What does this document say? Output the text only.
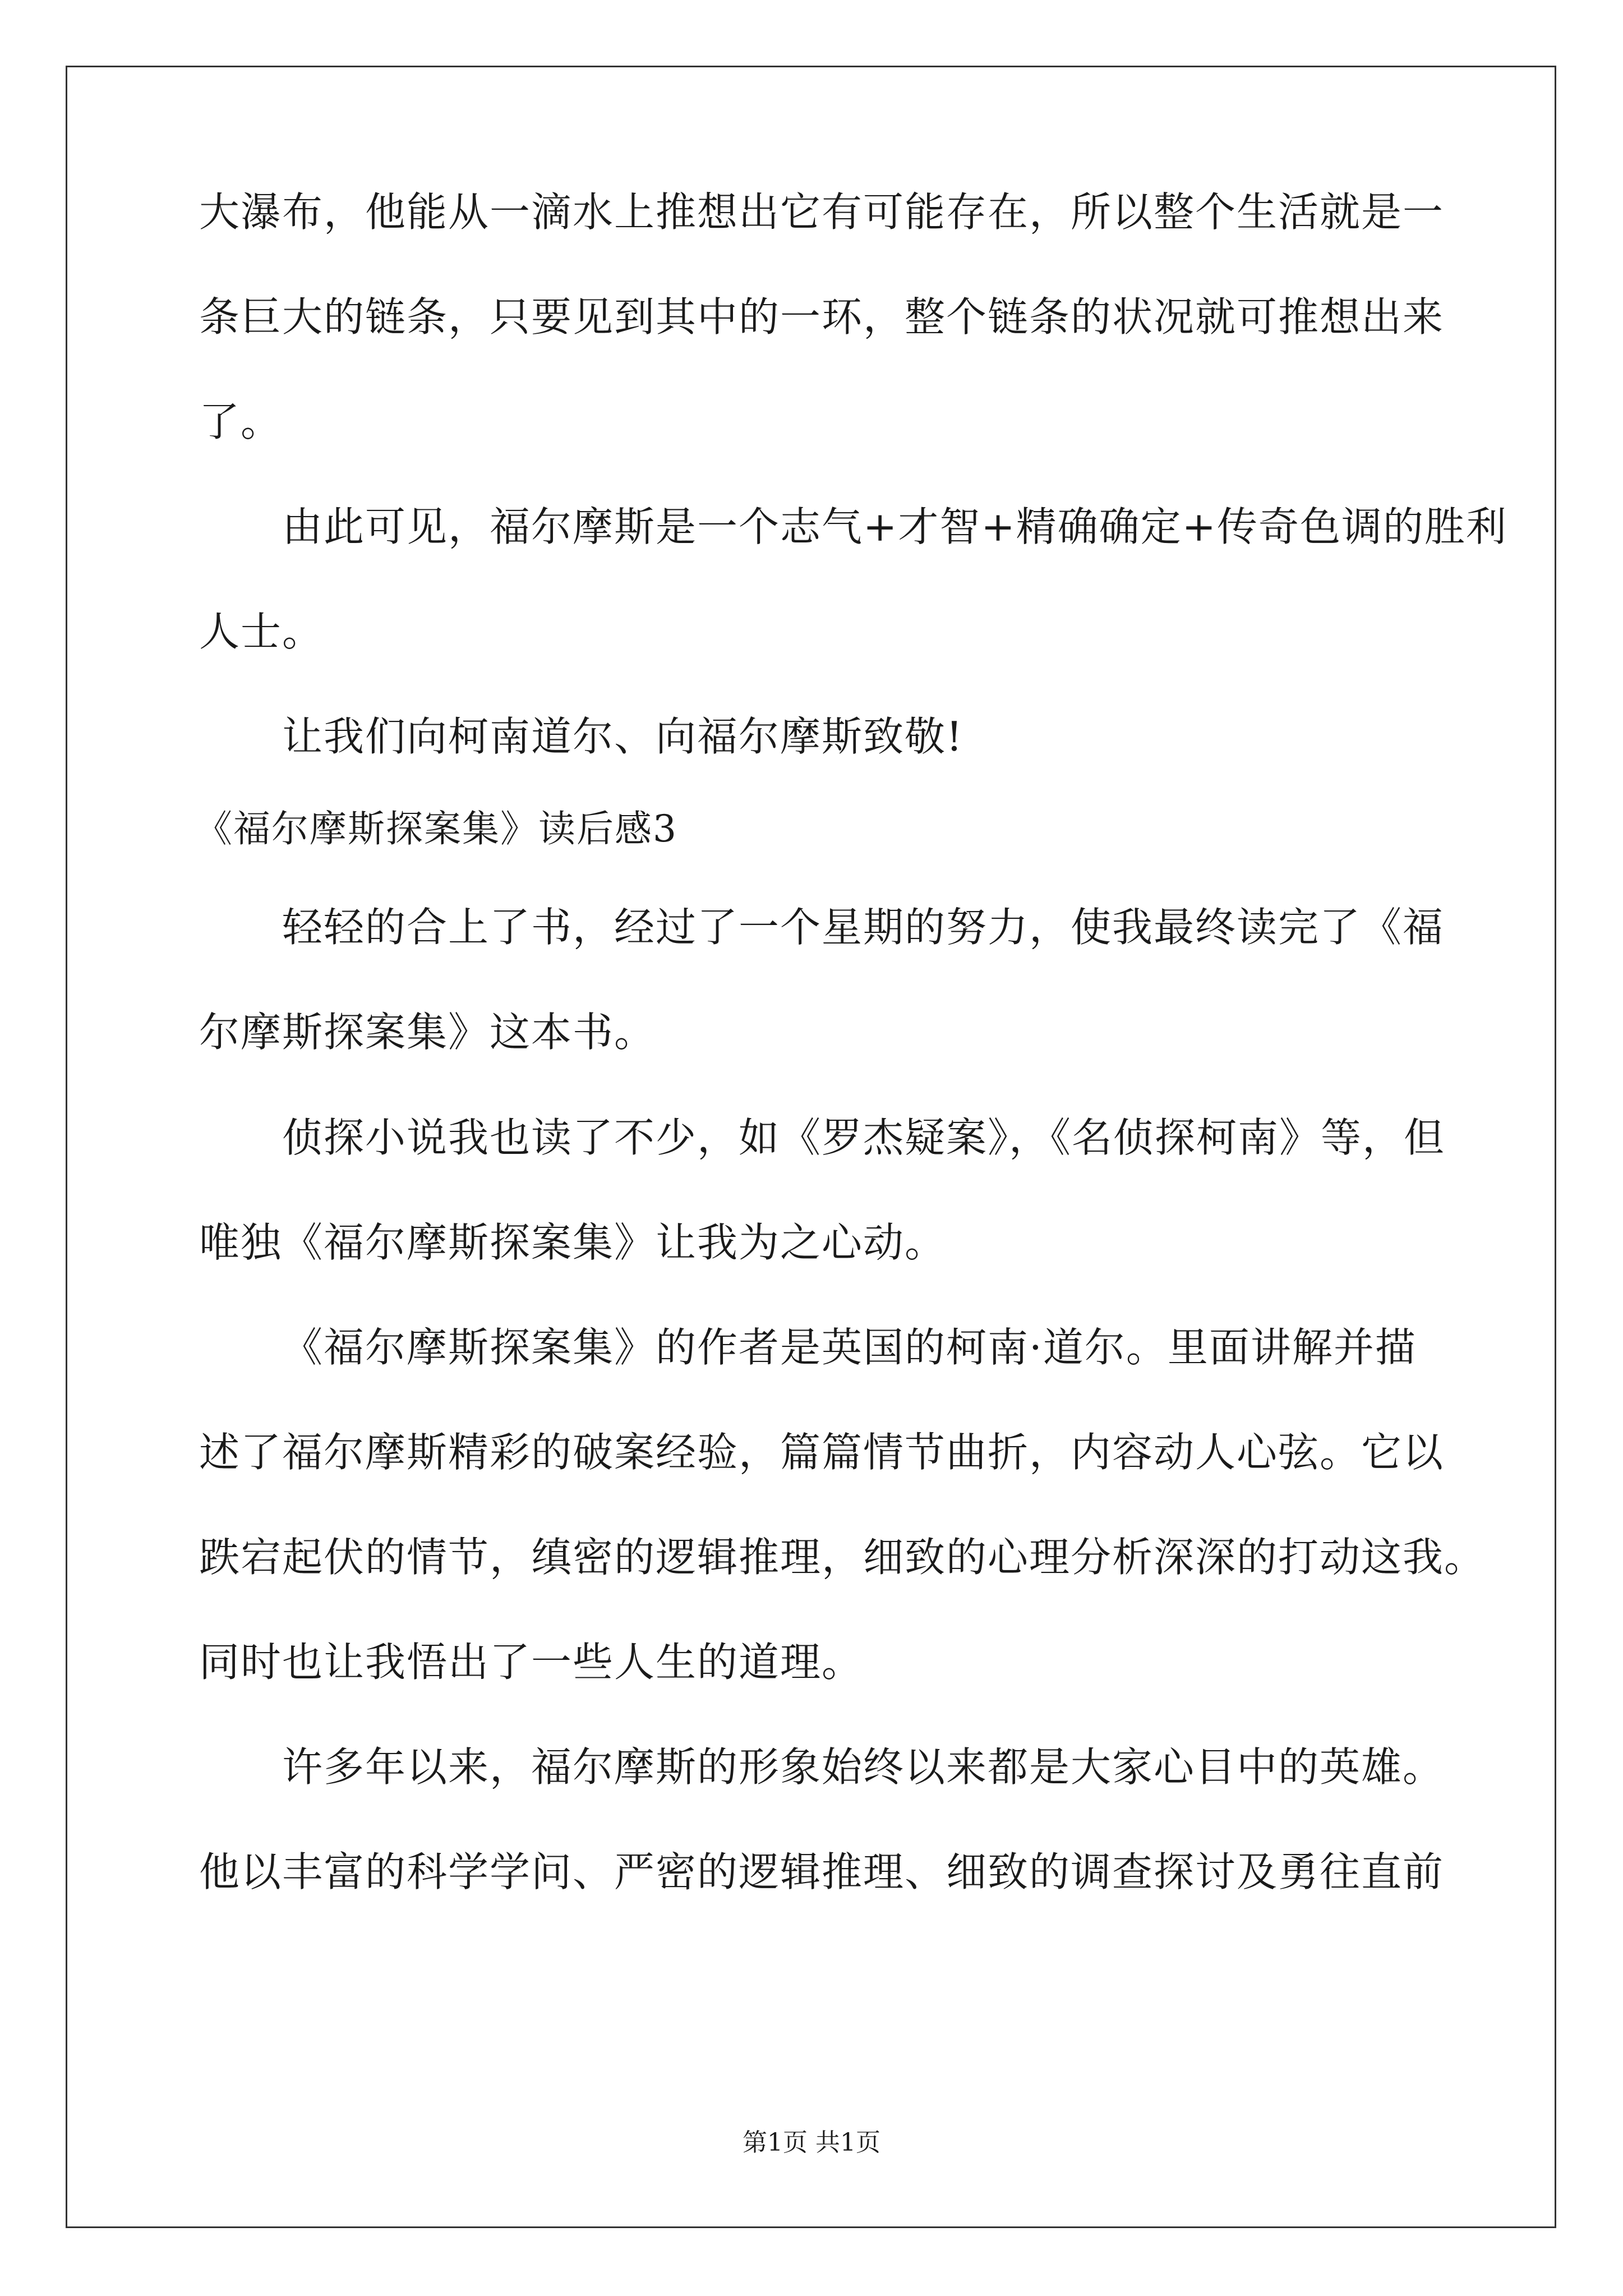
大瀑布，他能从一滴水上推想出它有可能存在，所以整个生活就是一
条巨大的链条，只要见到其中的一环，整个链条的状况就可推想出来
了。
由此可见，福尔摩斯是一个志气+才智+精确确定+传奇色调的胜利
人士。
让我们向柯南道尔、向福尔摩斯致敬!
《福尔摩斯探案集》读后感3
轻轻的合上了书，经过了一个星期的努力，使我最终读完了《福
尔摩斯探案集》这本书。
侦探小说我也读了不少，如《罗杰疑案》，《名侦探柯南》等，但
唯独《福尔摩斯探案集》让我为之心动。
《福尔摩斯探案集》的作者是英国的柯南·道尔。里面讲解并描
述了福尔摩斯精彩的破案经验，篇篇情节曲折，内容动人心弦。它以
跌宕起伏的情节，缜密的逻辑推理，细致的心理分析深深的打动这我。
同时也让我悟出了一些人生的道理。
许多年以来，福尔摩斯的形象始终以来都是大家心目中的英雄。
他以丰富的科学学问、严密的逻辑推理、细致的调查探讨及勇往直前
第1页 共1页
